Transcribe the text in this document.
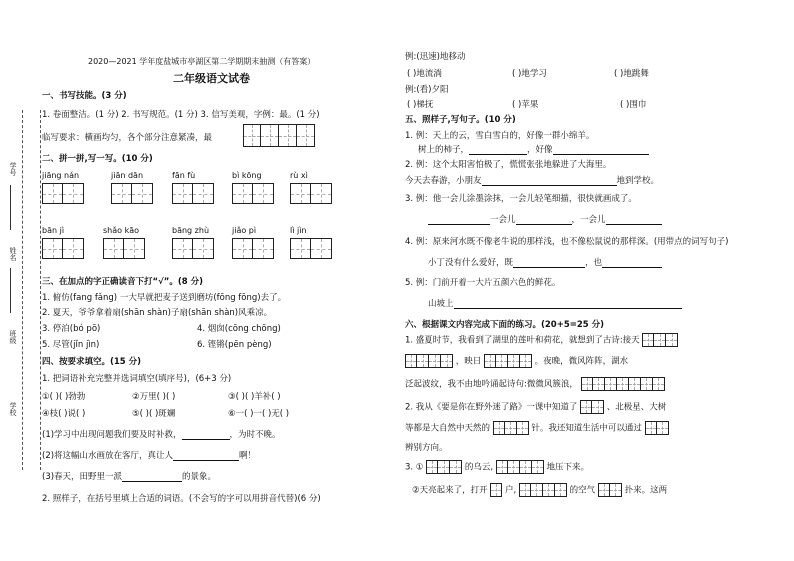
学号
姓名
班级
学校
2020—2021 学年度盐城市亭湖区第二学期期末抽测（有答案）
二年级语文试卷
一、书写技能。(3 分)
1. 卷面整洁。(1 分) 2. 书写规范。(1 分) 3. 信写美观，字例：最。(1 分)
临写要求：横画均匀，各个部分注意紧凑，最
二、拼一拼,写一写。(10 分)
jiāng nán	jiān dān	fān fù	bì kōng	rù xì
bān jì	shǎo kāo	bāng zhù	jiǎo pì	lì jìn
三、在加点的字正确读音下打“√”。(8 分)
1. 俯仿(fang fǎng) 一大早就把麦子送到磨坊(fōng fōng)去了。
2. 夏天，爷爷拿着扇(shān shàn)子扇(shān shàn)风乘凉。
3. 停泊(bó pō)	4. 烟囱(cōng chōng)
5. 尽管(jǐn jìn)	6. 铿锵(pēn pèng)
四、按要求填空。(15 分)
1. 把词语补充完整并选词填空(填序号)，(6+3 分)
①( )( )勃勃	②万里( )( )	③( )( )羊补( )
④枝( )说( )	⑤( )( )斑斓	⑥一( )一( )无( )
(1)学习中出现问题我们要及时补救，	，为时不晚。
(2)将这幅山水画放在客厅，真让人	啊！
(3)春天，田野里一派	的景象。
2. 照样子，在括号里填上合适的词语。(不会写的字可以用拼音代替)(6 分)
例:(迅速)地移动
( )地流淌	( )地学习	( )地跳舞
例:(看)夕阳
( )梯抚	( )苹果	( )围巾
五、照样子,写句子。(10 分)
1. 例：天上的云，雪白雪白的，好像一群小绵羊。
树上的柿子，	，好像
2. 例：这个太阳害怕极了，慌慌张张地躲进了大海里。
今天去春游，小朋友	地到学校。
3. 例：他一会儿涂墨涂抹，一会儿轻笔细描，很快就画成了。
一会儿	，一会儿
4. 例：原来河水既不像老牛说的那样浅，也不像松鼠说的那样深。(用带点的词写句子)
小丁没有什么爱好，既	，也
5. 例：门前开着一大片五颜六色的鲜花。
山坡上
六、根据课文内容完成下面的练习。(20+5=25 分)
1. 盛夏时节，我看到了湖里的莲叶和荷花，就想到了古诗:接天
，映日	。夜晚，微风阵阵，湖水
泛起波纹，我不由地吟诵起诗句:微微风簇浪，
2. 我从《要是你在野外迷了路》一课中知道了	、北极星、大树
等都是大自然中天然的	针。我还知道生活中可以通过
辨别方向。
3. ①	的乌云,	地压下来。
②天亮起来了，打开 户,	的空气	扑来。这两
